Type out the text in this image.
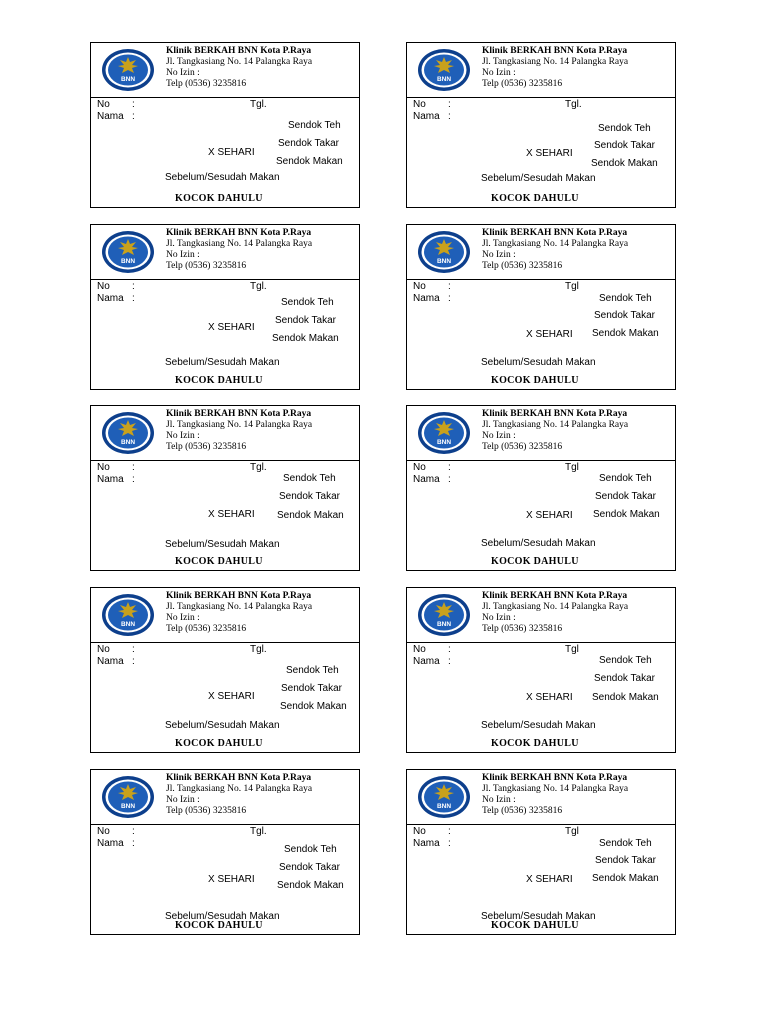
BNN
Klinik BERKAH BNN Kota P.Raya
Jl. Tangkasiang No. 14 Palangka Raya
No Izin :
Telp (0536) 3235816
No :
Nama :
Tgl.
Sendok Teh
Sendok Takar
Sendok Makan
X SEHARI
Sebelum/Sesudah Makan
KOCOK DAHULU
BNN
Klinik BERKAH BNN Kota P.Raya
Jl. Tangkasiang No. 14 Palangka Raya
No Izin :
Telp (0536) 3235816
No :
Nama :
Tgl.
Sendok Teh
Sendok Takar
Sendok Makan
X SEHARI
Sebelum/Sesudah Makan
KOCOK DAHULU
BNN
Klinik BERKAH BNN Kota P.Raya
Jl. Tangkasiang No. 14 Palangka Raya
No Izin :
Telp (0536) 3235816
No :
Nama :
Tgl.
Sendok Teh
Sendok Takar
Sendok Makan
X SEHARI
Sebelum/Sesudah Makan
KOCOK DAHULU
BNN
Klinik BERKAH BNN Kota P.Raya
Jl. Tangkasiang No. 14 Palangka Raya
No Izin :
Telp (0536) 3235816
No :
Nama :
Tgl
Sendok Teh
Sendok Takar
Sendok Makan
X SEHARI
Sebelum/Sesudah Makan
KOCOK DAHULU
BNN
Klinik BERKAH BNN Kota P.Raya
Jl. Tangkasiang No. 14 Palangka Raya
No Izin :
Telp (0536) 3235816
No :
Nama :
Tgl.
Sendok Teh
Sendok Takar
Sendok Makan
X SEHARI
Sebelum/Sesudah Makan
KOCOK DAHULU
BNN
Klinik BERKAH BNN Kota P.Raya
Jl. Tangkasiang No. 14 Palangka Raya
No Izin :
Telp (0536) 3235816
No :
Nama :
Tgl
Sendok Teh
Sendok Takar
Sendok Makan
X SEHARI
Sebelum/Sesudah Makan
KOCOK DAHULU
BNN
Klinik BERKAH BNN Kota P.Raya
Jl. Tangkasiang No. 14 Palangka Raya
No Izin :
Telp (0536) 3235816
No :
Nama :
Tgl.
Sendok Teh
Sendok Takar
Sendok Makan
X SEHARI
Sebelum/Sesudah Makan
KOCOK DAHULU
BNN
Klinik BERKAH BNN Kota P.Raya
Jl. Tangkasiang No. 14 Palangka Raya
No Izin :
Telp (0536) 3235816
No :
Nama :
Tgl
Sendok Teh
Sendok Takar
Sendok Makan
X SEHARI
Sebelum/Sesudah Makan
KOCOK DAHULU
BNN
Klinik BERKAH BNN Kota P.Raya
Jl. Tangkasiang No. 14 Palangka Raya
No Izin :
Telp (0536) 3235816
No :
Nama :
Tgl.
Sendok Teh
Sendok Takar
Sendok Makan
X SEHARI
Sebelum/Sesudah Makan
KOCOK DAHULU
BNN
Klinik BERKAH BNN Kota P.Raya
Jl. Tangkasiang No. 14 Palangka Raya
No Izin :
Telp (0536) 3235816
No :
Nama :
Tgl
Sendok Teh
Sendok Takar
Sendok Makan
X SEHARI
Sebelum/Sesudah Makan
KOCOK DAHULU
